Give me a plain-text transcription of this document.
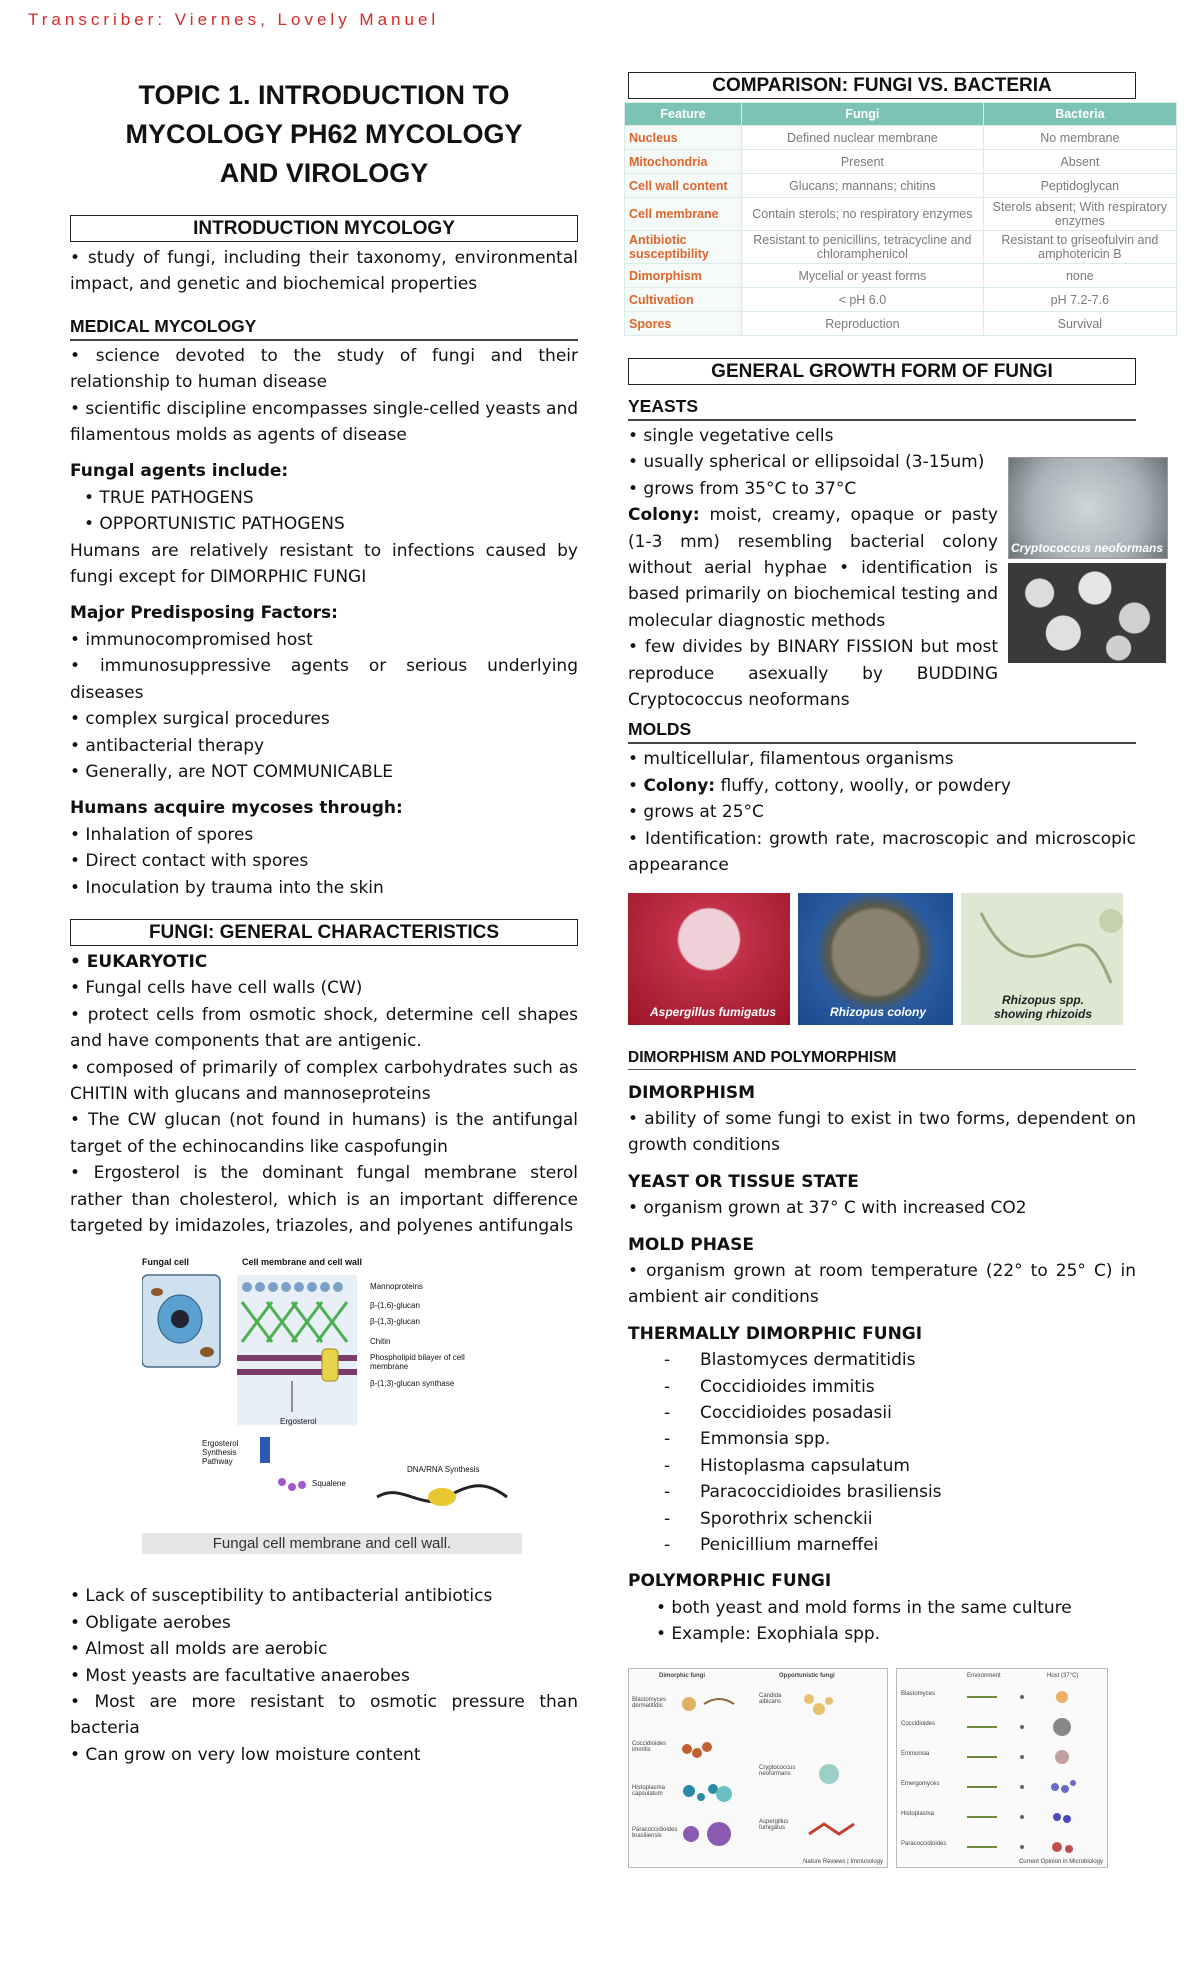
Transcriber: Viernes, Lovely Manuel
TOPIC 1. INTRODUCTION TO
MYCOLOGY PH62 MYCOLOGY
AND VIROLOGY
INTRODUCTION MYCOLOGY

• study of fungi, including their taxonomy, environmental impact, and genetic and biochemical properties

MEDICAL MYCOLOGY

• science devoted to the study of fungi and their relationship to human disease

• scientific discipline encompasses single-celled yeasts and filamentous molds as agents of disease

Fungal agents include:
• TRUE PATHOGENS
• OPPORTUNISTIC PATHOGENS

Humans are relatively resistant to infections caused by fungi except for DIMORPHIC FUNGI

Major Predisposing Factors:

• immunocompromised host

• immunosuppressive agents or serious underlying diseases

• complex surgical procedures

• antibacterial therapy

• Generally, are NOT COMMUNICABLE

Humans acquire mycoses through:

• Inhalation of spores

• Direct contact with spores

• Inoculation by trauma into the skin

FUNGI: GENERAL CHARACTERISTICS
• EUKARYOTIC

• Fungal cells have cell walls (CW)

• protect cells from osmotic shock, determine cell shapes and have components that are antigenic.

• composed of primarily of complex carbohydrates such as CHITIN with glucans and mannoseproteins

• The CW glucan (not found in humans) is the antifungal target of the echinocandins like caspofungin

• Ergosterol is the dominant fungal membrane sterol rather than cholesterol, which is an important difference targeted by imidazoles, triazoles, and polyenes antifungals

Fungal cell	Cell membrane and cell wall
Mannoproteins
β-(1,6)-glucan
β-(1,3)-glucan
Chitin
Phospholipid bilayer of cell membrane
β-(1,3)-glucan synthase
Ergosterol
Ergosterol Synthesis Pathway
Squalene
DNA/RNA Synthesis
Fungal cell membrane and cell wall.

• Lack of susceptibility to antibacterial antibiotics

• Obligate aerobes

• Almost all molds are aerobic

• Most yeasts are facultative anaerobes

• Most are more resistant to osmotic pressure than bacteria

• Can grow on very low moisture content

COMPARISON: FUNGI VS. BACTERIA
Feature	Fungi	Bacteria
Nucleus	Defined nuclear membrane	No membrane
Mitochondria	Present	Absent
Cell wall content	Glucans; mannans; chitins	Peptidoglycan
Cell membrane	Contain sterols; no respiratory enzymes	Sterols absent; With respiratory enzymes
Antibiotic susceptibility	Resistant to penicillins, tetracycline and chloramphenicol	Resistant to griseofulvin and amphotericin B
Dimorphism	Mycelial or yeast forms	none
Cultivation	< pH 6.0	pH 7.2-7.6
Spores	Reproduction	Survival
GENERAL GROWTH FORM OF FUNGI
YEASTS
Cryptococcus neoformans
• single vegetative cells
• usually spherical or ellipsoidal (3-15um)
• grows from 35°C to 37°C

Colony: moist, creamy, opaque or pasty (1-3 mm) resembling bacterial colony without aerial hyphae • identification is based primarily on biochemical testing and molecular diagnostic methods

• few divides by BINARY FISSION but most reproduce asexually by BUDDING Cryptococcus neoformans

MOLDS
• multicellular, filamentous organisms
• Colony: fluffy, cottony, woolly, or powdery
• grows at 25°C

• Identification: growth rate, macroscopic and microscopic appearance

Aspergillus fumigatus	Rhizopus colony
Rhizopus spp. showing rhizoids
DIMORPHISM AND POLYMORPHISM
DIMORPHISM

• ability of some fungi to exist in two forms, dependent on growth conditions

YEAST OR TISSUE STATE

• organism grown at 37° C with increased CO2

MOLD PHASE

• organism grown at room temperature (22° to 25° C) in ambient air conditions

THERMALLY DIMORPHIC FUNGI
- Blastomyces dermatitidis
- Coccidioides immitis
- Coccidioides posadasii
- Emmonsia spp.
- Histoplasma capsulatum
- Paracoccidioides brasiliensis
- Sporothrix schenckii
- Penicillium marneffei
POLYMORPHIC FUNGI
• both yeast and mold forms in the same culture
• Example: Exophiala spp.
Dimorphic fungi	Opportunistic fungi
Blastomyces dermatitidis
Coccidioides immitis
Histoplasma capsulatum
Paracoccidioides brasiliensis
Candida albicans
Cryptococcus neoformans
Aspergillus fumigatus
Nature Reviews | Immunology
Environment	Host (37°C)
Blastomyces
Coccidioides
Emmonsia
Emergomyces
Histoplasma
Paracoccidioides
Current Opinion in Microbiology
